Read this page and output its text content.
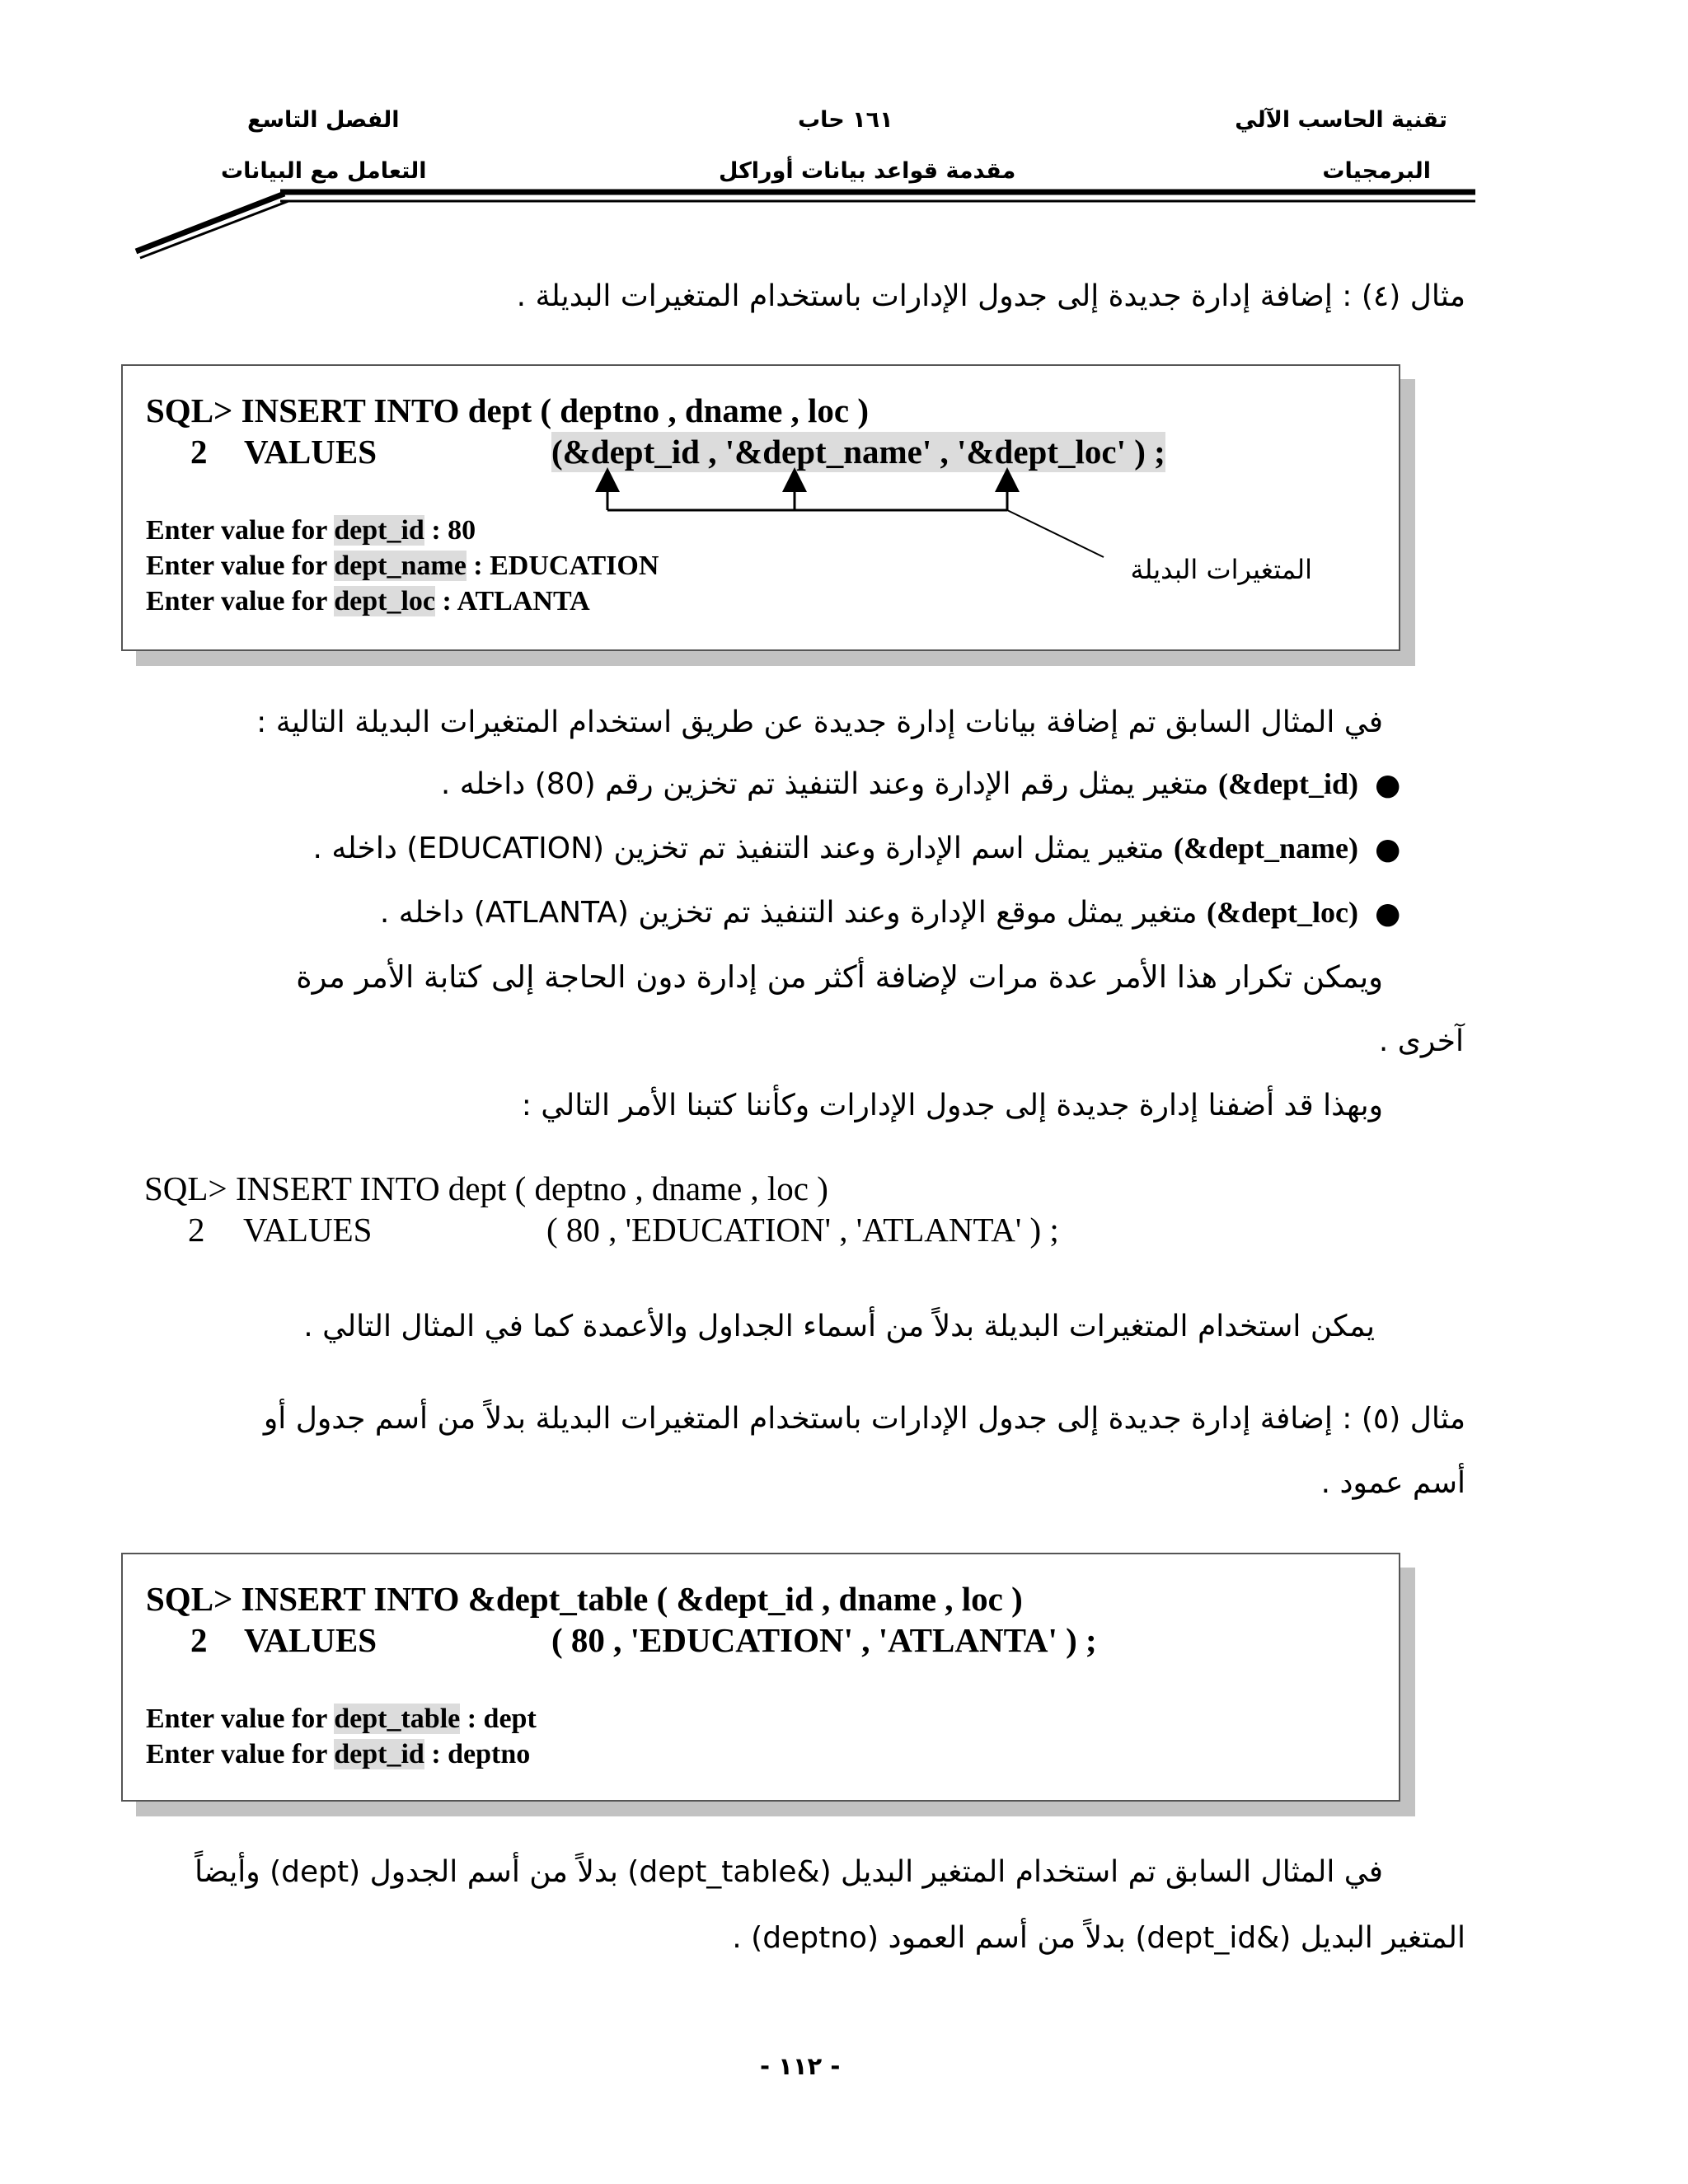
تقنية الحاسب الآلي
البرمجيات
١٦١ حاب
مقدمة قواعد بيانات أوراكل
الفصل التاسع
التعامل مع البيانات
مثال (٤) : إضافة إدارة جديدة إلى جدول الإدارات باستخدام المتغيرات البديلة .
SQL> INSERT INTO dept ( deptno , dname , loc )
2 VALUES	(&dept_id , '&dept_name' , '&dept_loc' ) ;
المتغيرات البديلة
Enter value for dept_id : 80
Enter value for dept_name : EDUCATION
Enter value for dept_loc : ATLANTA
في المثال السابق تم إضافة بيانات إدارة جديدة عن طريق استخدام المتغيرات البديلة التالية :
●
(&dept_id) متغير يمثل رقم الإدارة وعند التنفيذ تم تخزين رقم (80) داخله .
●
(&dept_name) متغير يمثل اسم الإدارة وعند التنفيذ تم تخزين (EDUCATION) داخله .
●
(&dept_loc) متغير يمثل موقع الإدارة وعند التنفيذ تم تخزين (ATLANTA) داخله .
ويمكن تكرار هذا الأمر عدة مرات لإضافة أكثر من إدارة دون الحاجة إلى كتابة الأمر مرة
آخرى .
وبهذا قد أضفنا إدارة جديدة إلى جدول الإدارات وكأننا كتبنا الأمر التالي :
SQL> INSERT INTO dept ( deptno , dname , loc )
2 VALUES	( 80 , 'EDUCATION' , 'ATLANTA' ) ;
يمكن استخدام المتغيرات البديلة بدلاً من أسماء الجداول والأعمدة كما في المثال التالي .
مثال (٥) : إضافة إدارة جديدة إلى جدول الإدارات باستخدام المتغيرات البديلة بدلاً من أسم جدول أو
أسم عمود .
SQL> INSERT INTO &dept_table ( &dept_id , dname , loc )
2 VALUES	( 80 , 'EDUCATION' , 'ATLANTA' ) ;
Enter value for dept_table : dept
Enter value for dept_id : deptno
في المثال السابق تم استخدام المتغير البديل (&dept_table) بدلاً من أسم الجدول (dept) وأيضاً
المتغير البديل (&dept_id) بدلاً من أسم العمود (deptno) .
- ١١٢ -
